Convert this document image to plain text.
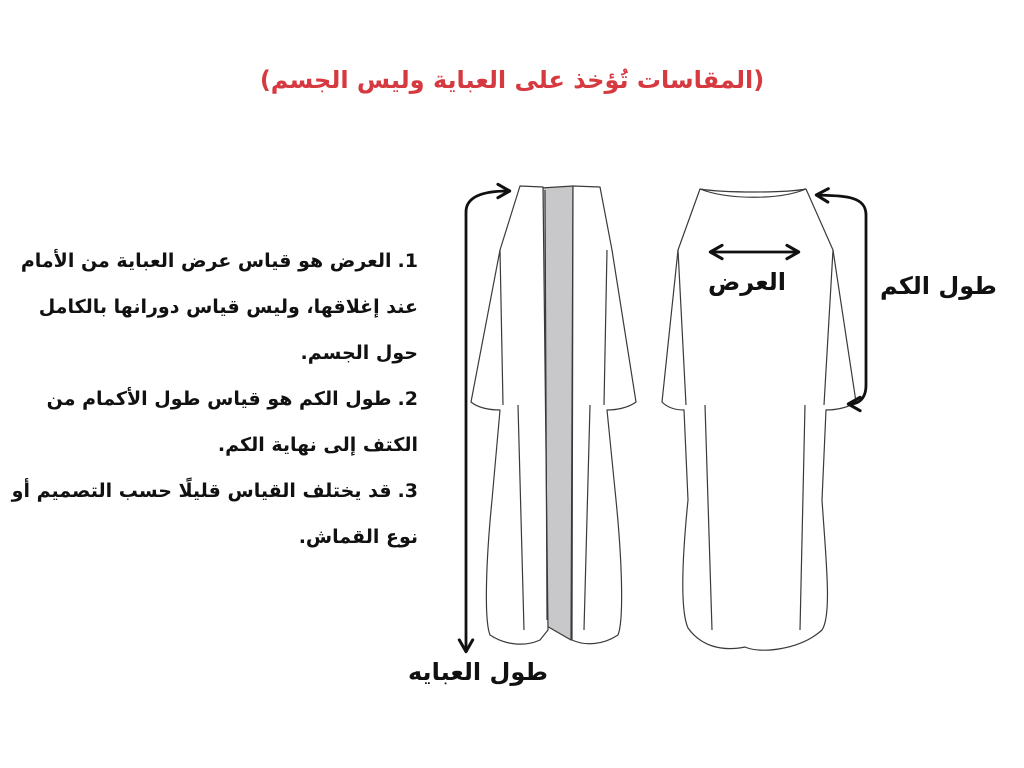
(المقاسات تُؤخذ على العباية وليس الجسم)
1.العرض هو قياس عرض العباية من الأمام عند إغلاقها، وليس قياس دورانها بالكامل حول الجسم.
2.طول الكم هو قياس طول الأكمام من الكتف إلى نهاية الكم.
3.قد يختلف القياس قليلًا حسب التصميم أو نوع القماش.
العرض	طول الكم
طول العبايه
